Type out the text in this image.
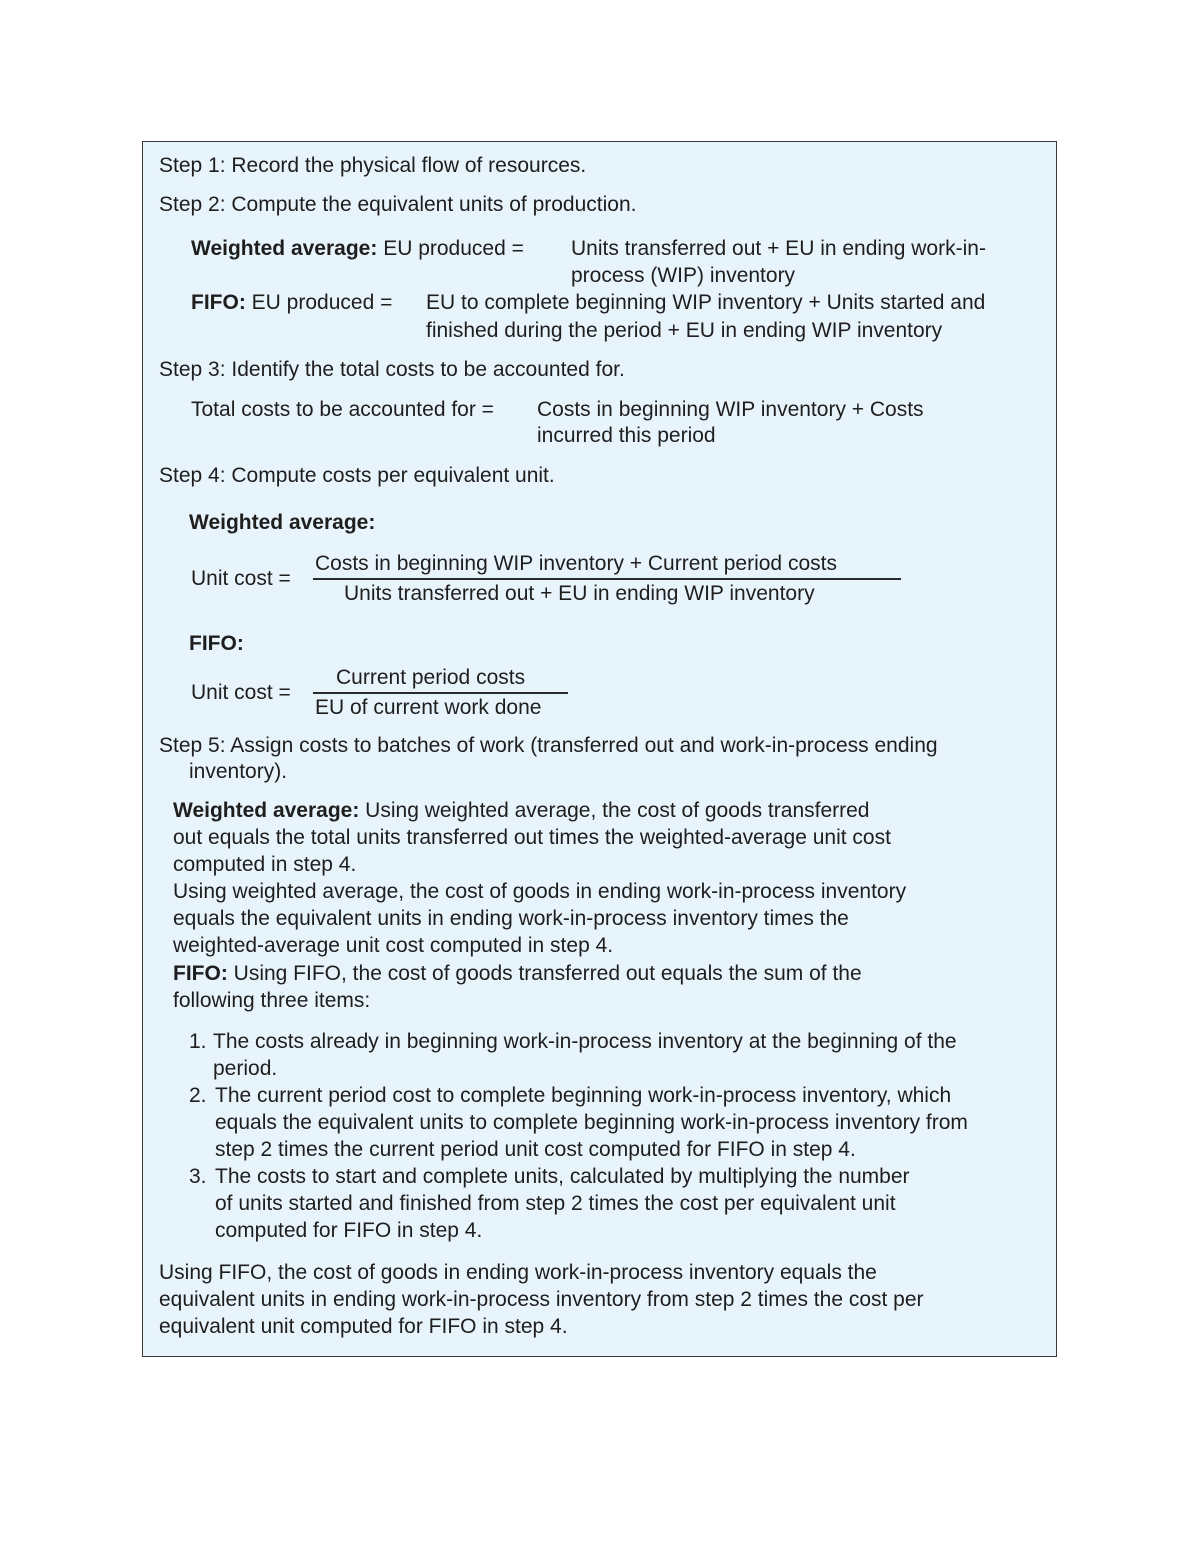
Step 1: Record the physical flow of resources.
Step 2: Compute the equivalent units of production.
Weighted average: EU produced = Units transferred out + EU in ending work-in-
process (WIP) inventory
FIFO: EU produced = EU to complete beginning WIP inventory + Units started and
finished during the period + EU in ending WIP inventory
Step 3: Identify the total costs to be accounted for.
Total costs to be accounted for = Costs in beginning WIP inventory + Costs
incurred this period
Step 4: Compute costs per equivalent unit.
Weighted average:
Unit cost =
Costs in beginning WIP inventory + Current period costs
Units transferred out + EU in ending WIP inventory
FIFO:
Unit cost =
Current period costs
EU of current work done
Step 5: Assign costs to batches of work (transferred out and work-in-process ending
inventory).
Weighted average: Using weighted average, the cost of goods transferred
out equals the total units transferred out times the weighted-average unit cost
computed in step 4.
Using weighted average, the cost of goods in ending work-in-process inventory
equals the equivalent units in ending work-in-process inventory times the
weighted-average unit cost computed in step 4.
FIFO: Using FIFO, the cost of goods transferred out equals the sum of the
following three items:
1. The costs already in beginning work-in-process inventory at the beginning of the
period.
2. The current period cost to complete beginning work-in-process inventory, which
equals the equivalent units to complete beginning work-in-process inventory from
step 2 times the current period unit cost computed for FIFO in step 4.
3. The costs to start and complete units, calculated by multiplying the number
of units started and finished from step 2 times the cost per equivalent unit
computed for FIFO in step 4.
Using FIFO, the cost of goods in ending work-in-process inventory equals the
equivalent units in ending work-in-process inventory from step 2 times the cost per
equivalent unit computed for FIFO in step 4.
